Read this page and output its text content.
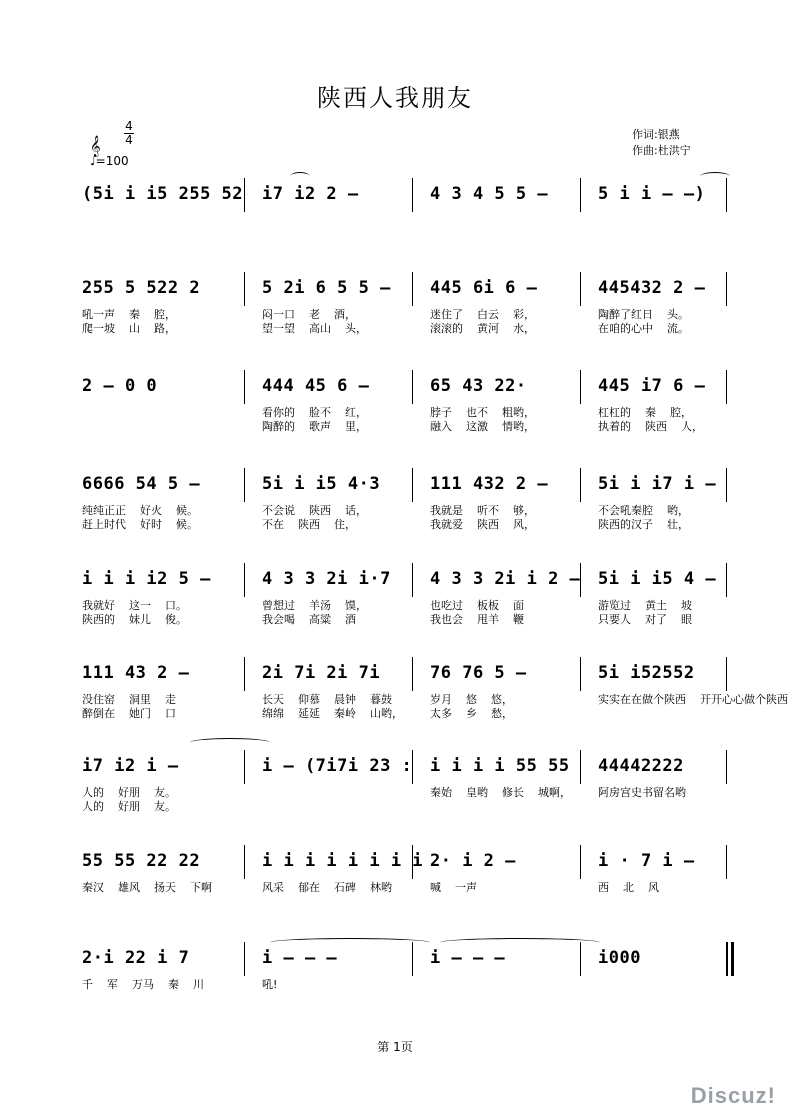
陕西人我朋友
𝄞
4
4
♩=100
作词:银燕
作曲:杜洪宁
(5i i i5 255 52 i7 i2 2 –	4 3 4 5 5 –	5 i i – –)
255 5 522 2	5 2i 6 5 5 – 445 6i 6 –	445432 2 –
吼一声 秦 腔，
爬一坡 山 路，
闷一口 老 酒，
望一望 高山 头，
迷住了 白云 彩，
滚滚的 黄河 水，
陶醉了红日 头。
在咱的心中 流。
2 – 0 0	444 45 6 –	65 43 22·	445 i7 6 –
看你的 脸不 红，
陶醉的 歌声 里，
脖子 也不 粗哟，
融入 这激 情哟，
杠杠的 秦 腔，
执着的 陕西 人，
6666 54 5 –	5i i i5 4·3	111 432 2 –	5i i i7 i –
纯纯正正 好火 候。
赶上时代 好时 候。
不会说 陕西 话，
不在 陕西 住，
我就是 听不 够，
我就爱 陕西 风，
不会吼秦腔 哟，
陕西的汉子 壮，
i i i i2 5 –	4 3 3 2i i·7 4 3 3 2i i 2 – 5i i i5 4 –
我就好 这一 口。
陕西的 妹儿 俊。
曾想过 羊汤 馍，
我会喝 高粱 酒
也吃过 板板 面
我也会 甩羊 鞭
游览过 黄土 坡
只要人 对了 眼
111 43 2 –	2i 7i 2i 7i	76 76 5 –	5i i52552
没住窑 洞里 走
醉倒在 她门 口
长天 仰慕 晨钟 暮鼓
绵绵 延延 秦岭 山哟，
岁月 悠 悠，
太多 乡 愁，
实实在在做个陕西 开开心心做个陕西
i7 i2 i –	i – (7i7i 23 : i i i i 55 55 44442222
人的 好朋 友。
人的 好朋 友。
秦始 皇哟 修长 城啊，	阿房宫史书留名哟
55 55 22 22	i i i i i i i i 2· i 2 –	i · 7 i –
秦汉 雄风 扬天 下啊	风采 郁在 石碑 林哟	喊 一声	西 北 风
2·i 22 i 7	i – – –	i – – –	i000
千 军 万马 秦 川	吼!
第 1页
Discuz!
